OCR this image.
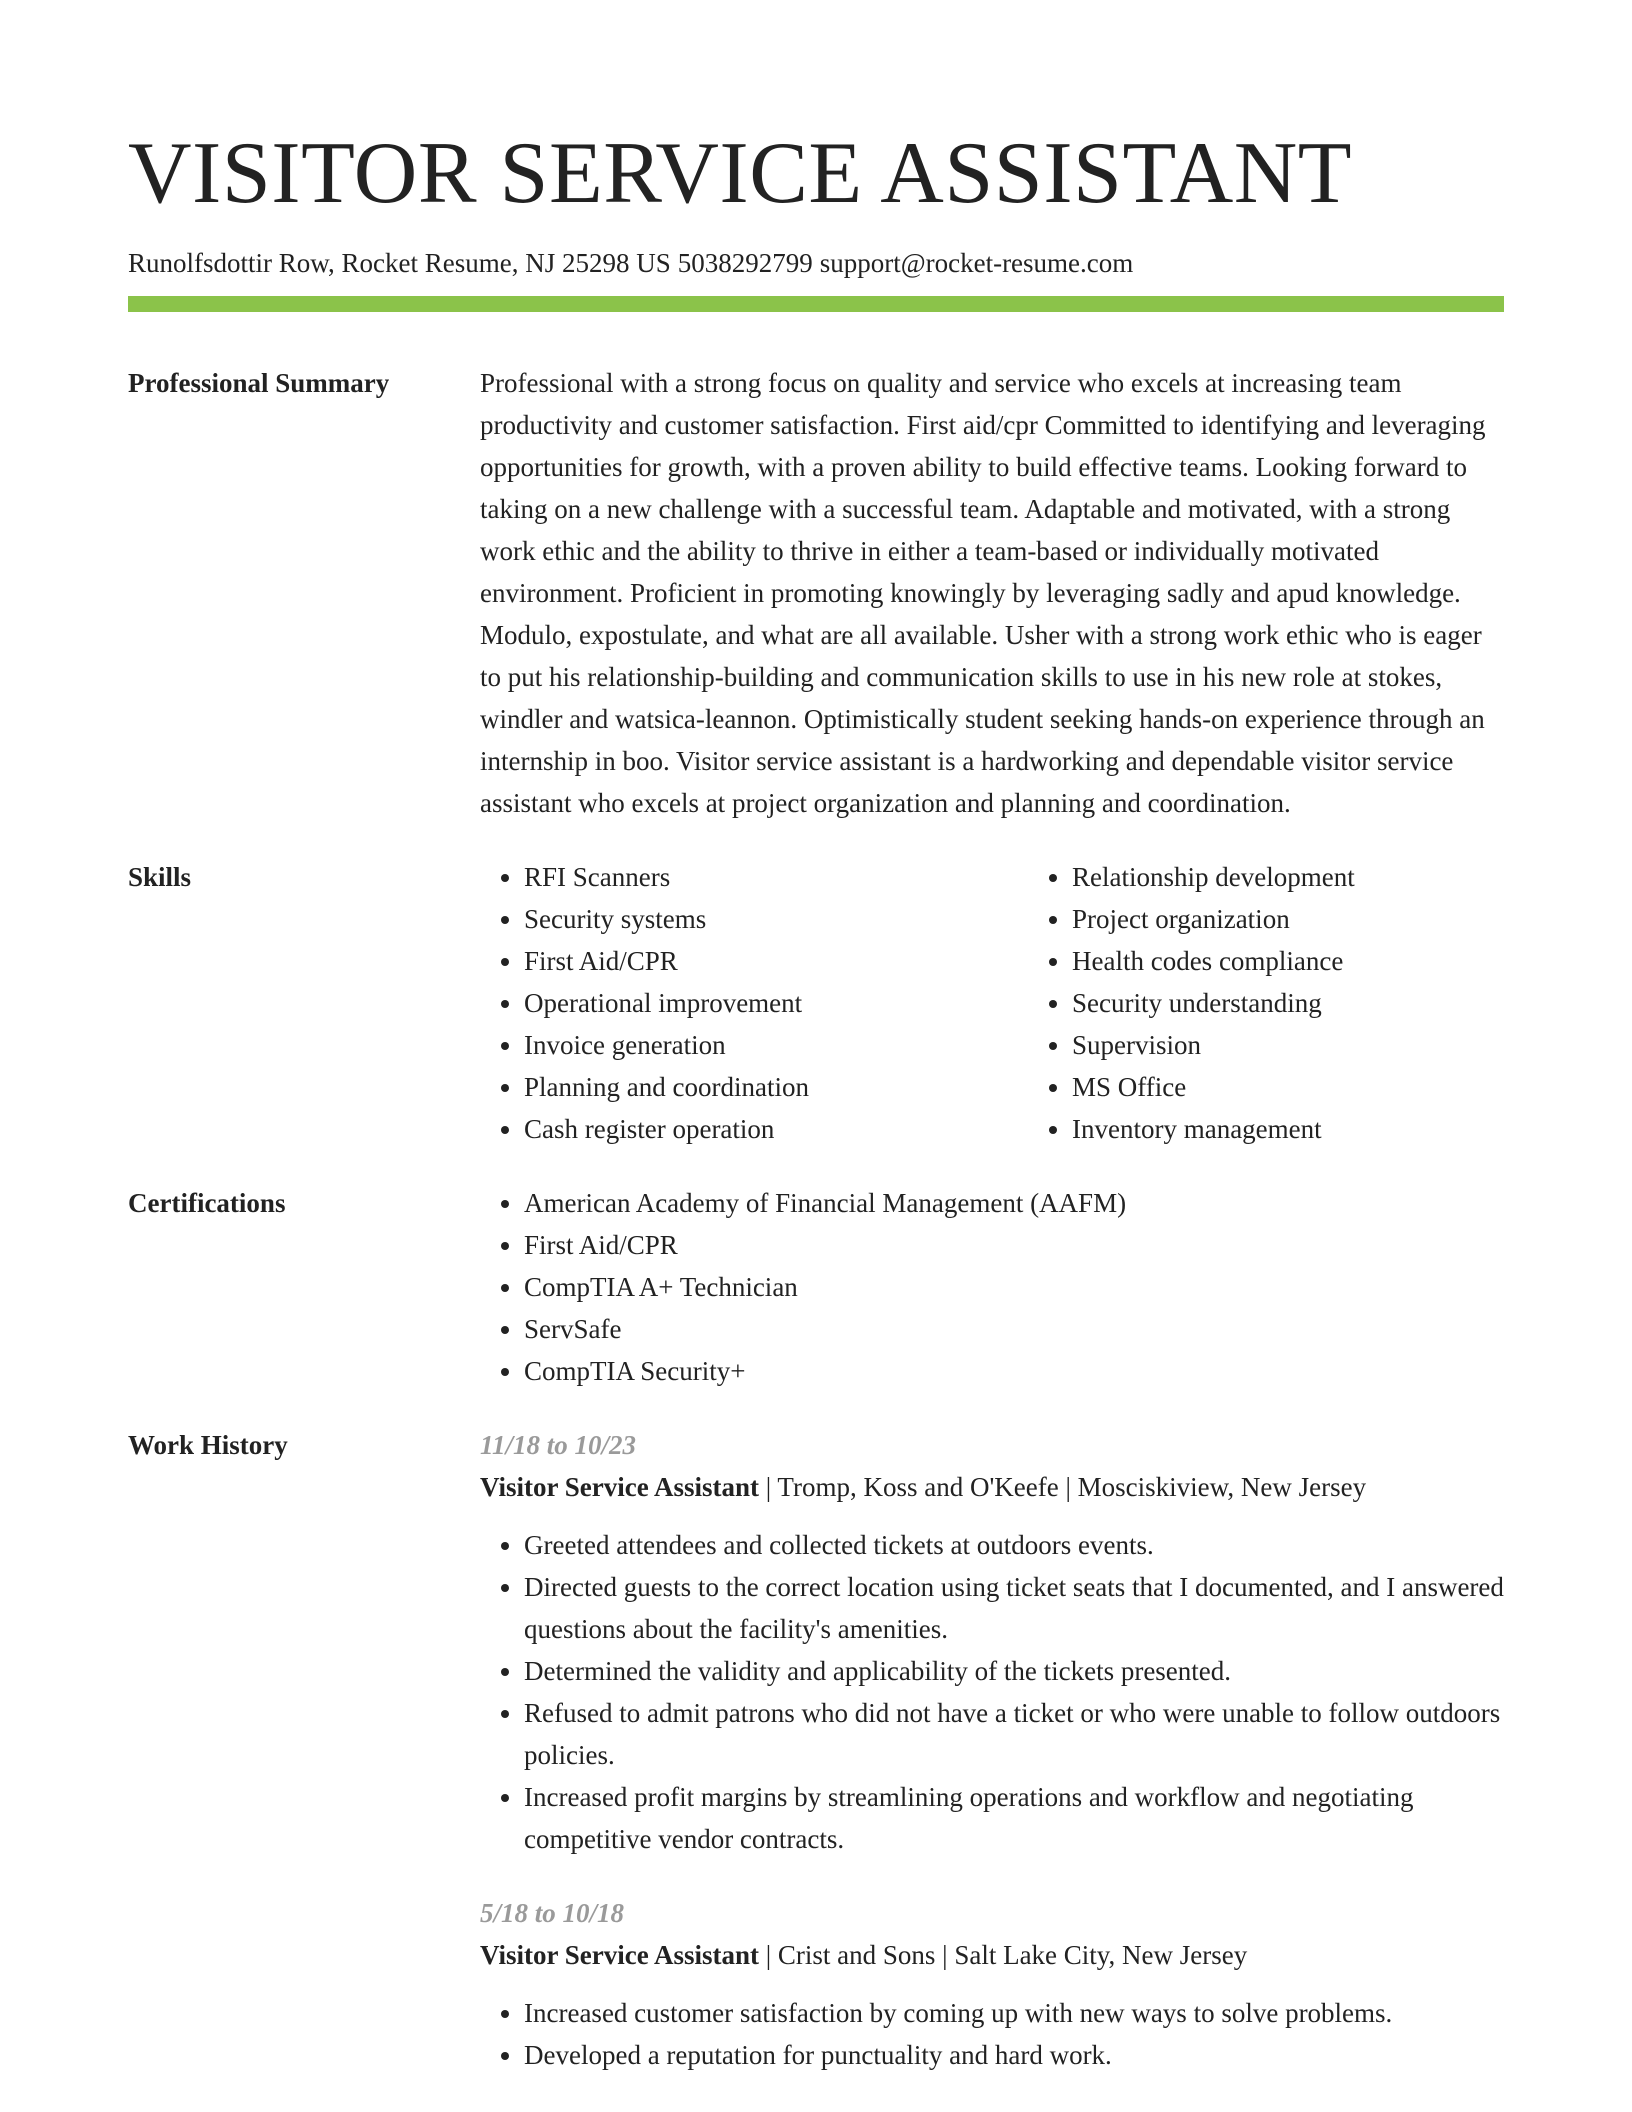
VISITOR SERVICE ASSISTANT
Runolfsdottir Row, Rocket Resume, NJ 25298 US 5038292799 support@rocket-resume.com
Professional Summary	Professional with a strong focus on quality and service who excels at increasing team productivity and customer satisfaction. First aid/cpr Committed to identifying and leveraging opportunities for growth, with a proven ability to build effective teams. Looking forward to taking on a new challenge with a successful team. Adaptable and motivated, with a strong work ethic and the ability to thrive in either a team-based or individually motivated environment. Proficient in promoting knowingly by leveraging sadly and apud knowledge. Modulo, expostulate, and what are all available. Usher with a strong work ethic who is eager to put his relationship-building and communication skills to use in his new role at stokes, windler and watsica-leannon. Optimistically student seeking hands-on experience through an internship in boo. Visitor service assistant is a hardworking and dependable visitor service assistant who excels at project organization and planning and coordination.
Skills	• RFI Scanners
• Security systems
• First Aid/CPR
• Operational improvement
• Invoice generation
• Planning and coordination
• Cash register operation
• Relationship development
• Project organization
• Health codes compliance
• Security understanding
• Supervision
• MS Office
• Inventory management
Certifications	• American Academy of Financial Management (AAFM)
• First Aid/CPR
• CompTIA A+ Technician
• ServSafe
• CompTIA Security+
Work History	11/18 to 10/23
Visitor Service Assistant | Tromp, Koss and O'Keefe | Mosciskiview, New Jersey
• Greeted attendees and collected tickets at outdoors events.
• Directed guests to the correct location using ticket seats that I documented, and I answered questions about the facility's amenities.
• Determined the validity and applicability of the tickets presented.
• Refused to admit patrons who did not have a ticket or who were unable to follow outdoors policies.
• Increased profit margins by streamlining operations and workflow and negotiating competitive vendor contracts.
5/18 to 10/18
Visitor Service Assistant | Crist and Sons | Salt Lake City, New Jersey
• Increased customer satisfaction by coming up with new ways to solve problems.
• Developed a reputation for punctuality and hard work.
